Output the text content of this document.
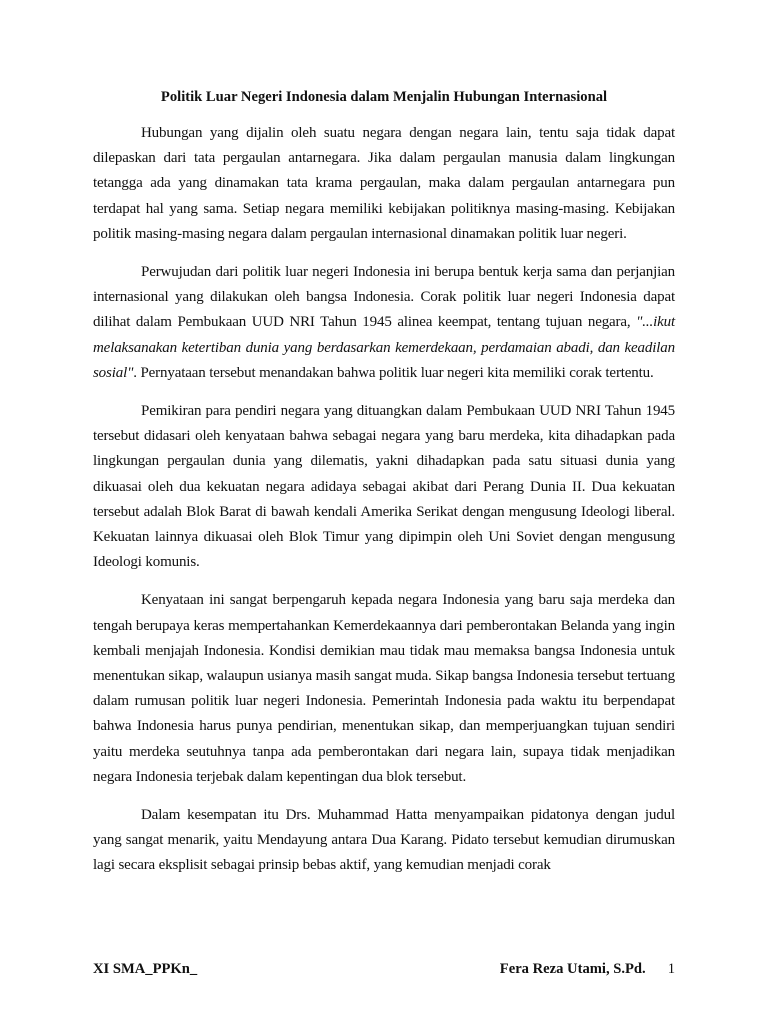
Politik Luar Negeri Indonesia dalam Menjalin Hubungan Internasional

Hubungan yang dijalin oleh suatu negara dengan negara lain, tentu saja tidak dapat dilepaskan dari tata pergaulan antarnegara. Jika dalam pergaulan manusia dalam lingkungan tetangga ada yang dinamakan tata krama pergaulan, maka dalam pergaulan antarnegara pun terdapat hal yang sama. Setiap negara memiliki kebijakan politiknya masing-masing. Kebijakan politik masing-masing negara dalam pergaulan internasional dinamakan politik luar negeri.

Perwujudan dari politik luar negeri Indonesia ini berupa bentuk kerja sama dan perjanjian internasional yang dilakukan oleh bangsa Indonesia. Corak politik luar negeri Indonesia dapat dilihat dalam Pembukaan UUD NRI Tahun 1945 alinea keempat, tentang tujuan negara, "...ikut melaksanakan ketertiban dunia yang berdasarkan kemerdekaan, perdamaian abadi, dan keadilan sosial". Pernyataan tersebut menandakan bahwa politik luar negeri kita memiliki corak tertentu.

Pemikiran para pendiri negara yang dituangkan dalam Pembukaan UUD NRI Tahun 1945 tersebut didasari oleh kenyataan bahwa sebagai negara yang baru merdeka, kita dihadapkan pada lingkungan pergaulan dunia yang dilematis, yakni dihadapkan pada satu situasi dunia yang dikuasai oleh dua kekuatan negara adidaya sebagai akibat dari Perang Dunia II. Dua kekuatan tersebut adalah Blok Barat di bawah kendali Amerika Serikat dengan mengusung Ideologi liberal. Kekuatan lainnya dikuasai oleh Blok Timur yang dipimpin oleh Uni Soviet dengan mengusung Ideologi komunis.

Kenyataan ini sangat berpengaruh kepada negara Indonesia yang baru saja merdeka dan tengah berupaya keras mempertahankan Kemerdekaannya dari pemberontakan Belanda yang ingin kembali menjajah Indonesia. Kondisi demikian mau tidak mau memaksa bangsa Indonesia untuk menentukan sikap, walaupun usianya masih sangat muda. Sikap bangsa Indonesia tersebut tertuang dalam rumusan politik luar negeri Indonesia. Pemerintah Indonesia pada waktu itu berpendapat bahwa Indonesia harus punya pendirian, menentukan sikap, dan memperjuangkan tujuan sendiri yaitu merdeka seutuhnya tanpa ada pemberontakan dari negara lain, supaya tidak menjadikan negara Indonesia terjebak dalam kepentingan dua blok tersebut.

Dalam kesempatan itu Drs. Muhammad Hatta menyampaikan pidatonya dengan judul yang sangat menarik, yaitu Mendayung antara Dua Karang. Pidato tersebut kemudian dirumuskan lagi secara eksplisit sebagai prinsip bebas aktif, yang kemudian menjadi corak

XI SMA_PPKn_	Fera Reza Utami, S.Pd. 1
